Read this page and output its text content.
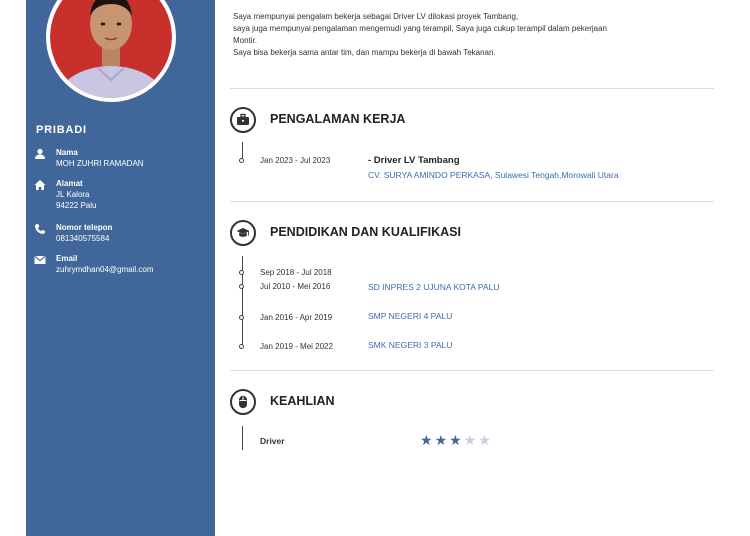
PRIBADI
Nama
MOH ZUHRI RAMADAN
Alamat
JL Kalora
94222 Palu
Nomor telepon
081340575584
Email
zuhrymdhan04@gmail.com
Saya mempunyai pengalam bekerja sebagai Driver LV dilokasi proyek Tambang,
saya juga mempunyai pengalaman mengemudi yang terampil, Saya juga cukup terampil dalam pekerjaan
Montir.
Saya bisa bekerja sama antar tim, dan mampu bekerja di bawah Tekanan.
PENGALAMAN KERJA
Jan 2023 - Jul 2023	- Driver LV Tambang
CV. SURYA AMINDO PERKASA, Sulawesi Tengah,Morowali Utara
PENDIDIKAN DAN KUALIFIKASI
Sep 2018 - Jul 2018
Jul 2010 - Mei 2016	SD INPRES 2 UJUNA KOTA PALU
Jan 2016 - Apr 2019	SMP NEGERI 4 PALU
Jan 2019 - Mei 2022	SMK NEGERI 3 PALU
KEAHLIAN
Driver	★★★★★
